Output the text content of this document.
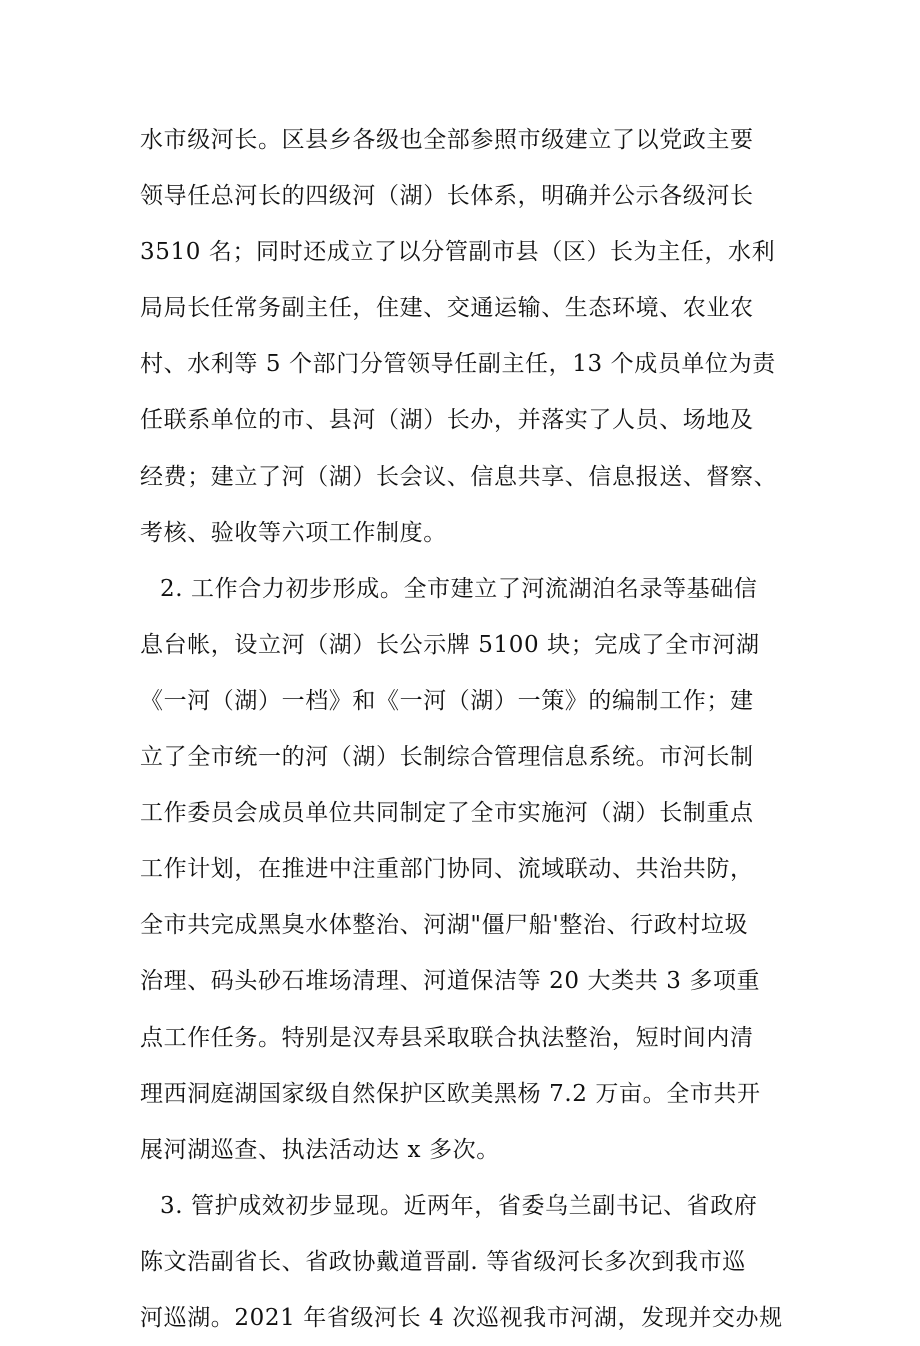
水市级河长。区县乡各级也全部参照市级建立了以党政主要
领导任总河长的四级河（湖）长体系，明确并公示各级河长
3510 名；同时还成立了以分管副市县（区）长为主任，水利
局局长任常务副主任，住建、交通运输、生态环境、农业农
村、水利等 5 个部门分管领导任副主任，13 个成员单位为责
任联系单位的市、县河（湖）长办，并落实了人员、场地及
经费；建立了河（湖）长会议、信息共享、信息报送、督察、
考核、验收等六项工作制度。
2. 工作合力初步形成。全市建立了河流湖泊名录等基础信
息台帐，设立河（湖）长公示牌 5100 块；完成了全市河湖
《一河（湖）一档》和《一河（湖）一策》的编制工作；建
立了全市统一的河（湖）长制综合管理信息系统。市河长制
工作委员会成员单位共同制定了全市实施河（湖）长制重点
工作计划，在推进中注重部门协同、流域联动、共治共防，
全市共完成黑臭水体整治、河湖"僵尸船'整治、行政村垃圾
治理、码头砂石堆场清理、河道保洁等 20 大类共 3 多项重
点工作任务。特别是汉寿县采取联合执法整治，短时间内清
理西洞庭湖国家级自然保护区欧美黑杨 7.2 万亩。全市共开
展河湖巡查、执法活动达 x 多次。
3. 管护成效初步显现。近两年，省委乌兰副书记、省政府
陈文浩副省长、省政协戴道晋副. 等省级河长多次到我市巡
河巡湖。2021 年省级河长 4 次巡视我市河湖，发现并交办规
